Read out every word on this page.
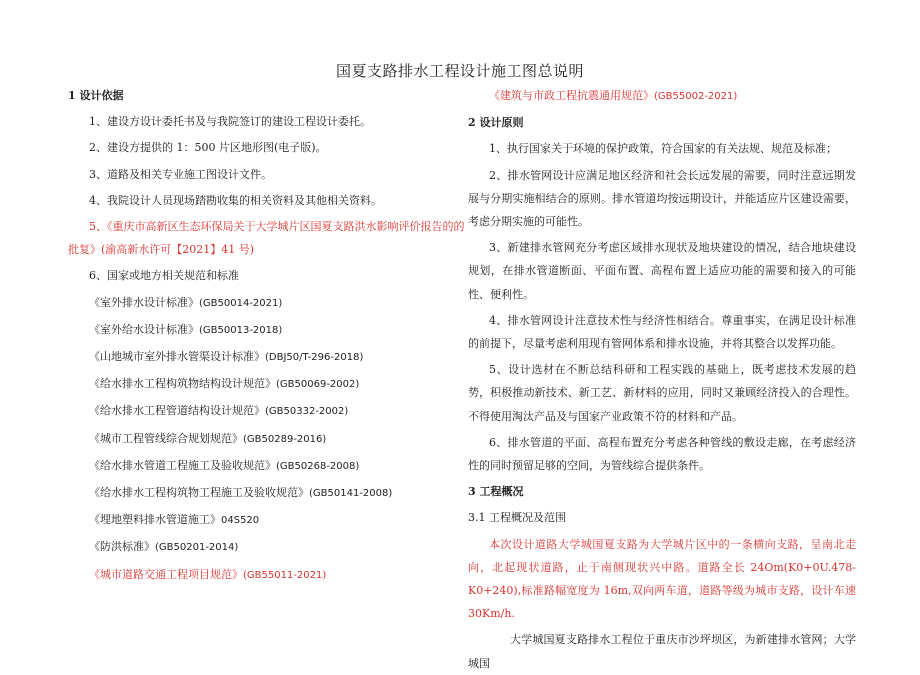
国夏支路排水工程设计施工图总说明
1 设计依据
1、建设方设计委托书及与我院签订的建设工程设计委托。
2、建设方提供的 1：500 片区地形图(电子版)。
3、道路及相关专业施工图设计文件。
4、我院设计人员现场踏勘收集的相关资料及其他相关资料。
5、《重庆市高新区生态环保局关于大学城片区国夏支路洪水影响评价报告的的
批复》(渝高新水许可【2021】41 号)
6、国家或地方相关规范和标准
《室外排水设计标准》(GB50014-2021)
《室外给水设计标准》(GB50013-2018)
《山地城市室外排水管渠设计标准》(DBJ50/T-296-2018)
《给水排水工程构筑物结构设计规范》(GB50069-2002)
《给水排水工程管道结构设计规范》(GB50332-2002)
《城市工程管线综合规划规范》(GB50289-2016)
《给水排水管道工程施工及验收规范》(GB50268-2008)
《给水排水工程构筑物工程施工及验收规范》(GB50141-2008)
《埋地塑料排水管道施工》04S520
《防洪标准》(GB50201-2014)
《城市道路交通工程项目规范》(GB55011-2021)
《建筑与市政工程抗震通用规范》(GB55002-2021)
2 设计原则
1、执行国家关于环境的保护政策，符合国家的有关法规、规范及标准；
2、排水管网设计应满足地区经济和社会长远发展的需要，同时注意远期发展与分期实施相结合的原则。排水管道均按远期设计，并能适应片区建设需要，考虑分期实施的可能性。
3、新建排水管网充分考虑区域排水现状及地块建设的情况，结合地块建设规划，在排水管道断面、平面布置、高程布置上适应功能的需要和接入的可能性、便利性。
4、排水管网设计注意技术性与经济性相结合。尊重事实，在满足设计标准的前提下，尽量考虑利用现有管网体系和排水设施，并将其整合以发挥功能。
5、设计选材在不断总结科研和工程实践的基础上，既考虑技术发展的趋势，积极推动新技术、新工艺、新材料的应用，同时又兼顾经济投入的合理性。不得使用淘汰产品及与国家产业政策不符的材料和产品。
6、排水管道的平面、高程布置充分考虑各种管线的敷设走廊，在考虑经济性的同时预留足够的空间，为管线综合提供条件。
3 工程概况
3.1 工程概况及范围
本次设计道路大学城国夏支路为大学城片区中的一条横向支路，呈南北走向，北起现状道路，止于南侧现状兴中路。道路全长 24Om(K0+0U.478-K0+240),标准路幅宽度为 16m,双向两车道，道路等级为城市支路，设计车速 30Km/h.
大学城国夏支路排水工程位于重庆市沙坪坝区，为新建排水管网；大学城国
